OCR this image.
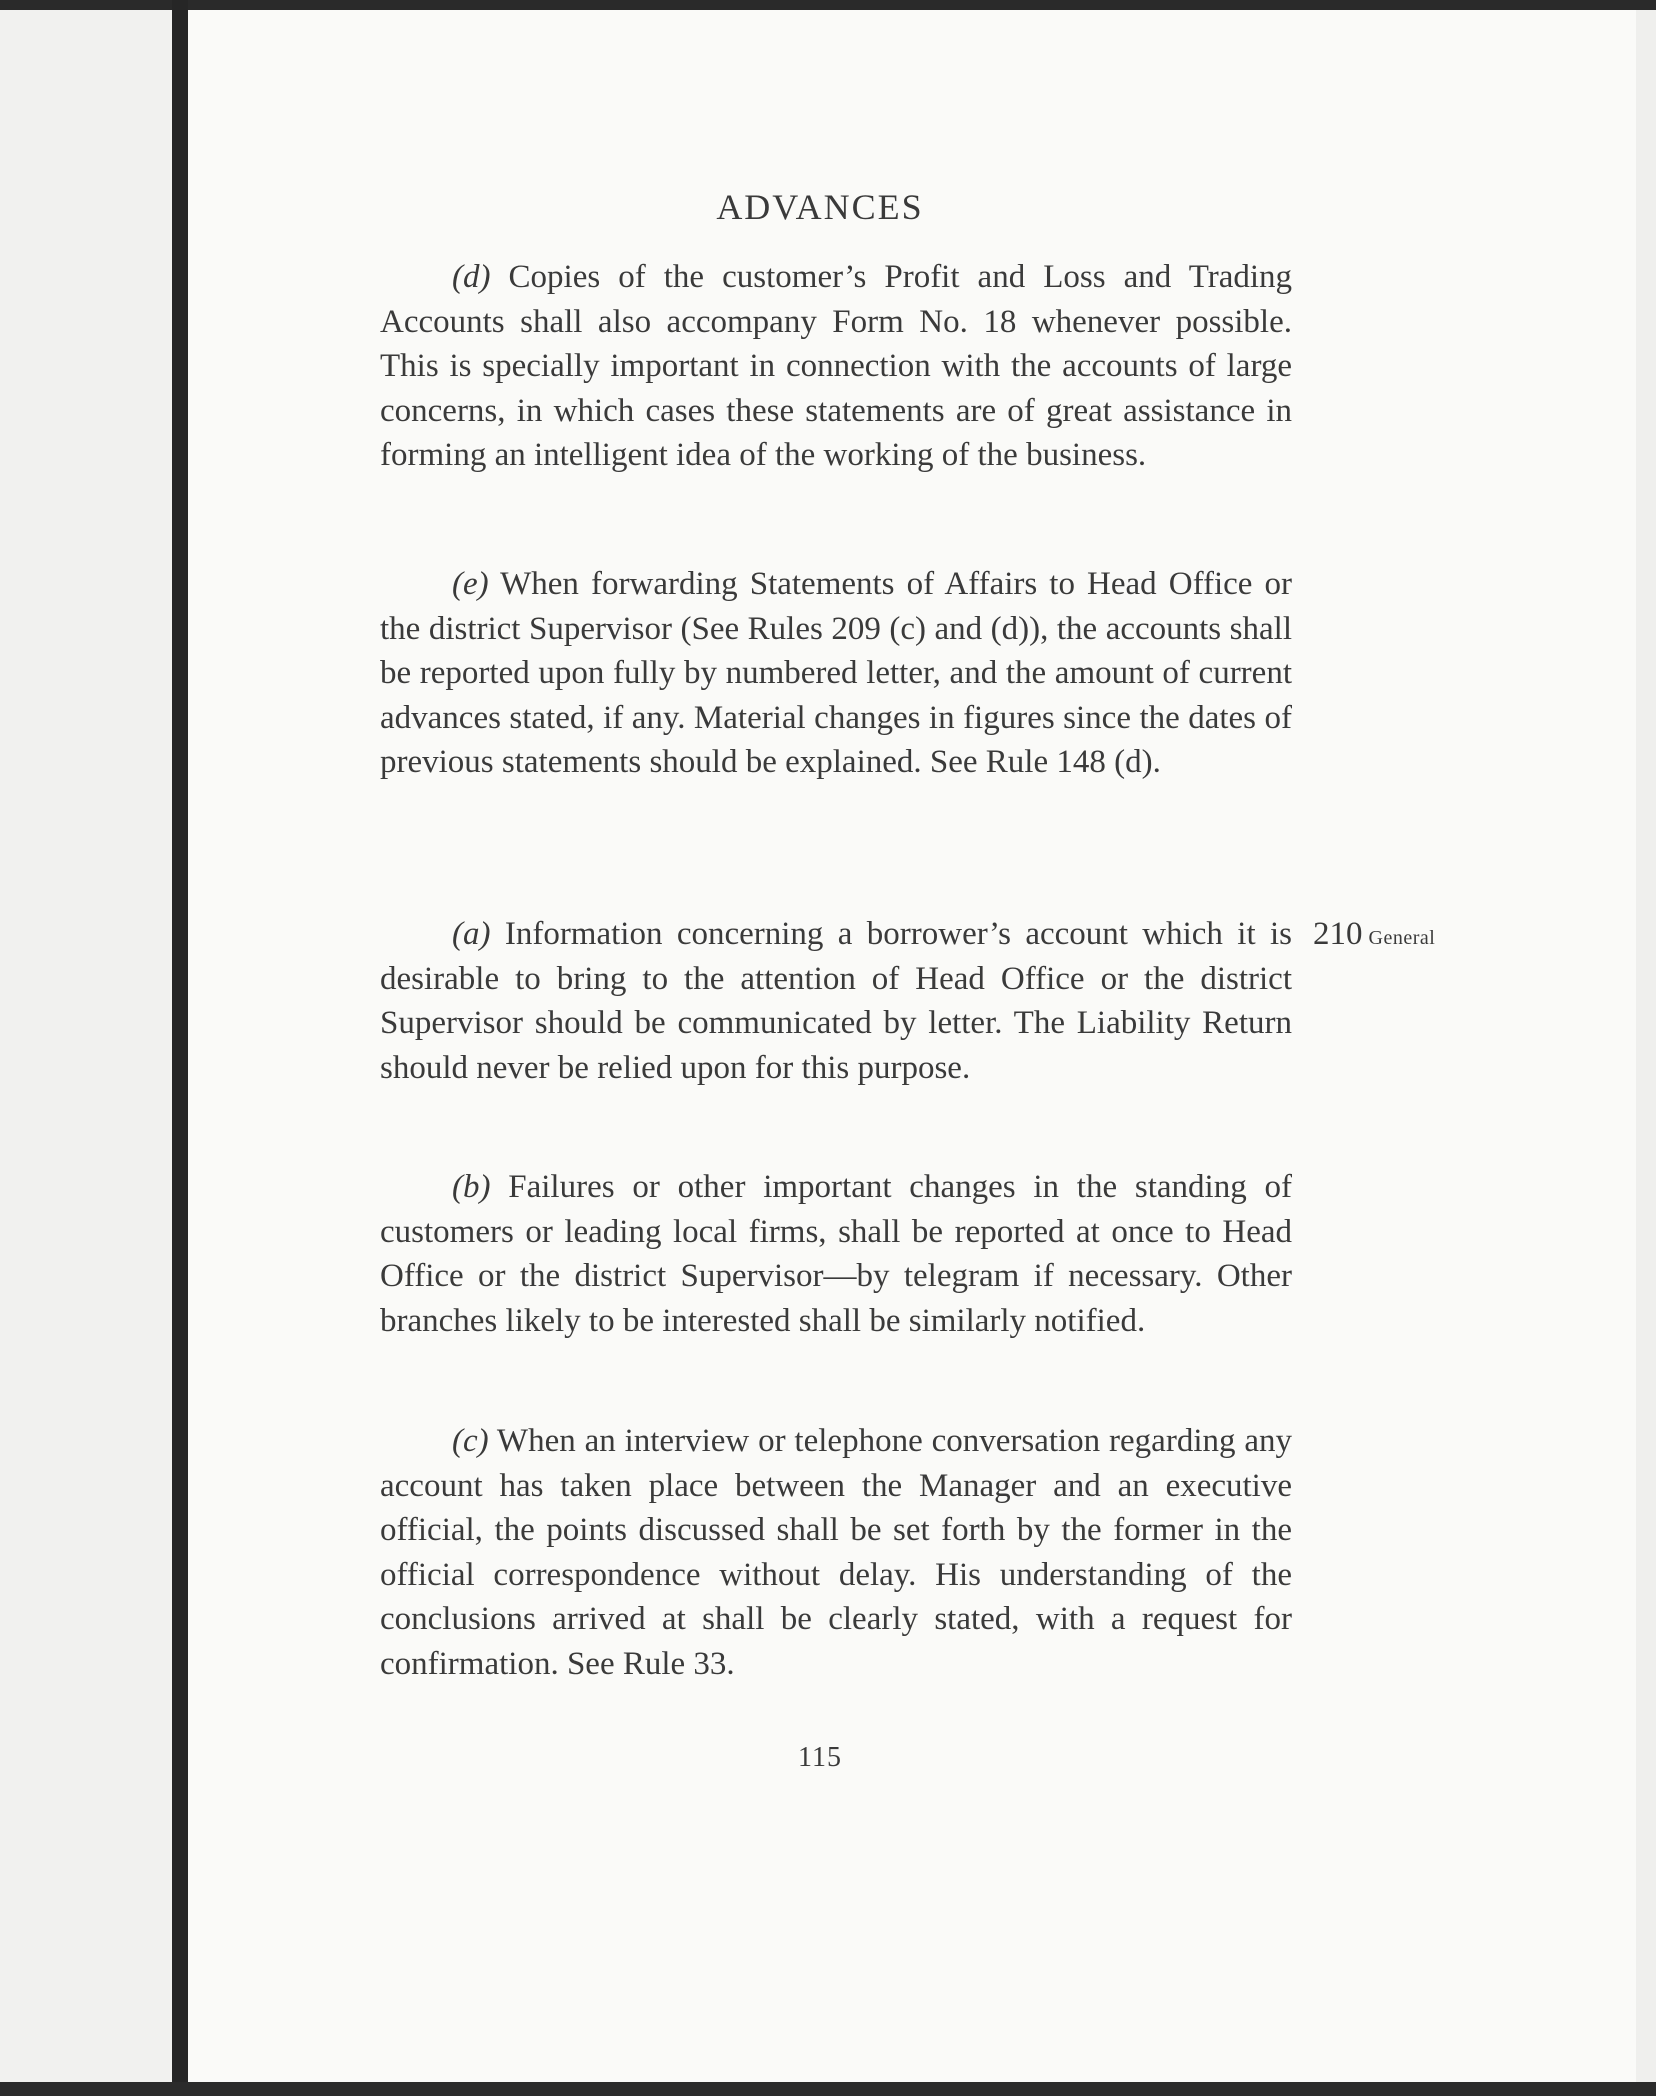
ADVANCES

(d) Copies of the customer’s Profit and Loss and Trading Accounts shall also accompany Form No. 18 whenever possible. This is specially important in connection with the accounts of large concerns, in which cases these statements are of great assistance in forming an intelligent idea of the working of the business.

(e) When forwarding Statements of Affairs to Head Office or the district Supervisor (See Rules 209 (c) and (d)), the accounts shall be reported upon fully by numbered letter, and the amount of current advances stated, if any. Material changes in figures since the dates of previous statements should be explained. See Rule 148 (d).

(a) Information concerning a borrower’s account which it is desirable to bring to the attention of Head Office or the district Supervisor should be communicated by letter. The Liability Return should never be relied upon for this purpose.

210 General

(b) Failures or other important changes in the standing of customers or leading local firms, shall be reported at once to Head Office or the district Supervisor—by telegram if necessary. Other branches likely to be interested shall be similarly notified.

(c) When an interview or telephone conversation regarding any account has taken place between the Manager and an executive official, the points discussed shall be set forth by the former in the official correspondence without delay. His understanding of the conclusions arrived at shall be clearly stated, with a request for confirmation. See Rule 33.

115
